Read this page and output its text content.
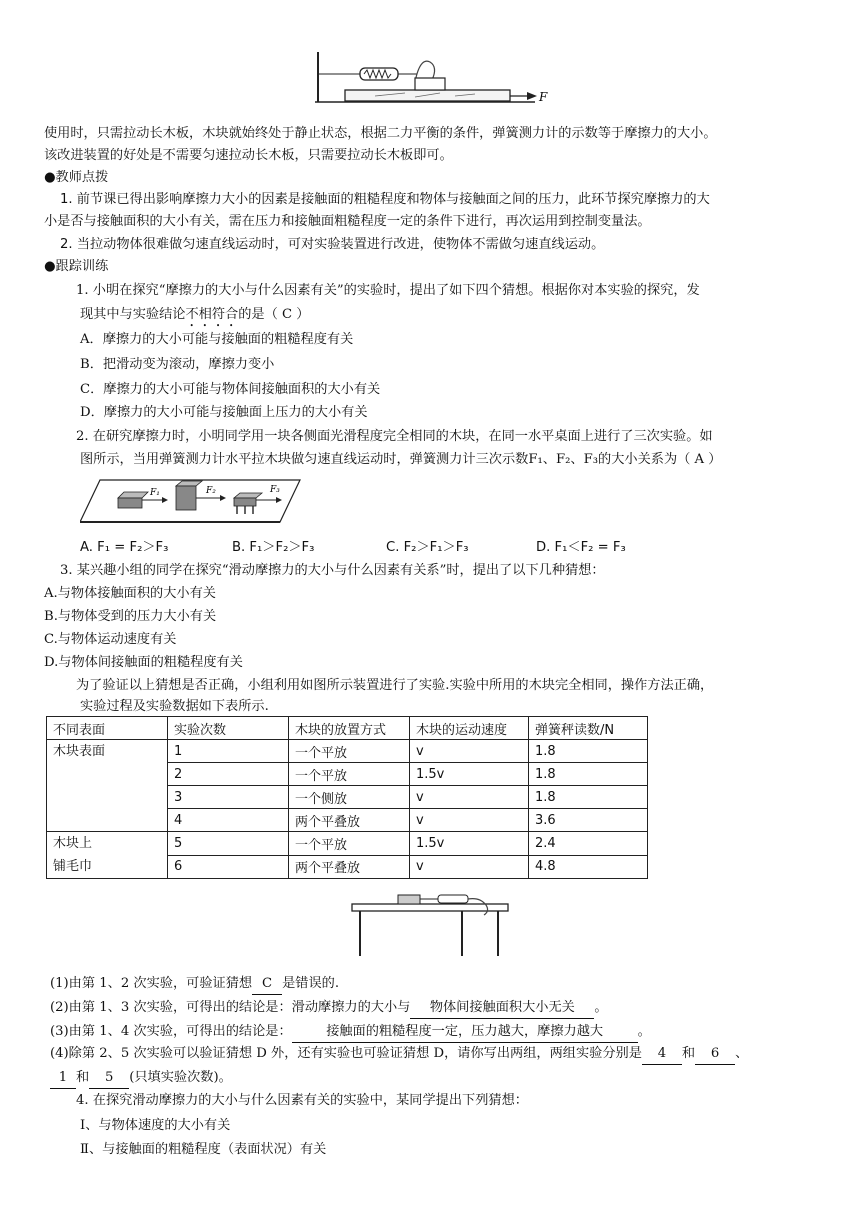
F
使用时，只需拉动长木板，木块就始终处于静止状态，根据二力平衡的条件，弹簧测力计的示数等于摩擦力的大小。
该改进装置的好处是不需要匀速拉动长木板，只需要拉动长木板即可。
●教师点拨
1. 前节课已得出影响摩擦力大小的因素是接触面的粗糙程度和物体与接触面之间的压力，此环节探究摩擦力的大
小是否与接触面积的大小有关，需在压力和接触面粗糙程度一定的条件下进行，再次运用到控制变量法。
2. 当拉动物体很难做匀速直线运动时，可对实验装置进行改进，使物体不需做匀速直线运动。
●跟踪训练
1. 小明在探究“摩擦力的大小与什么因素有关”的实验时，提出了如下四个猜想。根据你对本实验的探究，发
现其中与实验结论不相符合的是（ C ）
A．摩擦力的大小可能与接触面的粗糙程度有关
B．把滑动变为滚动，摩擦力变小
C．摩擦力的大小可能与物体间接触面积的大小有关
D．摩擦力的大小可能与接触面上压力的大小有关
2. 在研究摩擦力时，小明同学用一块各侧面光滑程度完全相同的木块，在同一水平桌面上进行了三次实验。如
图所示，当用弹簧测力计水平拉木块做匀速直线运动时，弹簧测力计三次示数F₁、F₂、F₃的大小关系为（ A ）
F₁	F₂	F₃
A. F₁ = F₂＞F₃	B. F₁＞F₂＞F₃	C. F₂＞F₁＞F₃	D. F₁＜F₂ = F₃
3. 某兴趣小组的同学在探究“滑动摩擦力的大小与什么因素有关系”时，提出了以下几种猜想：
A.与物体接触面积的大小有关
B.与物体受到的压力大小有关
C.与物体运动速度有关
D.与物体间接触面的粗糙程度有关
为了验证以上猜想是否正确，小组利用如图所示装置进行了实验.实验中所用的木块完全相同，操作方法正确，
实验过程及实验数据如下表所示.
不同表面	实验次数	木块的放置方式	木块的运动速度	弹簧秤读数/N
木块表面	1	一个平放	v	1.8
	2	一个平放	1.5v	1.8
	3	一个侧放	v	1.8
	4	两个平叠放	v	3.6
木块上
铺毛巾	5	一个平放	1.5v	2.4
	6	两个平叠放	v	4.8
(1)由第 1、2 次实验，可验证猜想 C 是错误的.
(2)由第 1、3 次实验，可得出的结论是：滑动摩擦力的大小与 物体间接触面积大小无关 。
(3)由第 1、4 次实验，可得出的结论是：	接触面的粗糙程度一定，压力越大，摩擦力越大	。
(4)除第 2、5 次实验可以验证猜想 D 外，还有实验也可验证猜想 D，请你写出两组，两组实验分别是 4 和 6 、
1 和 5 (只填实验次数)。
4. 在探究滑动摩擦力的大小与什么因素有关的实验中，某同学提出下列猜想：
Ⅰ、与物体速度的大小有关
Ⅱ、与接触面的粗糙程度（表面状况）有关
